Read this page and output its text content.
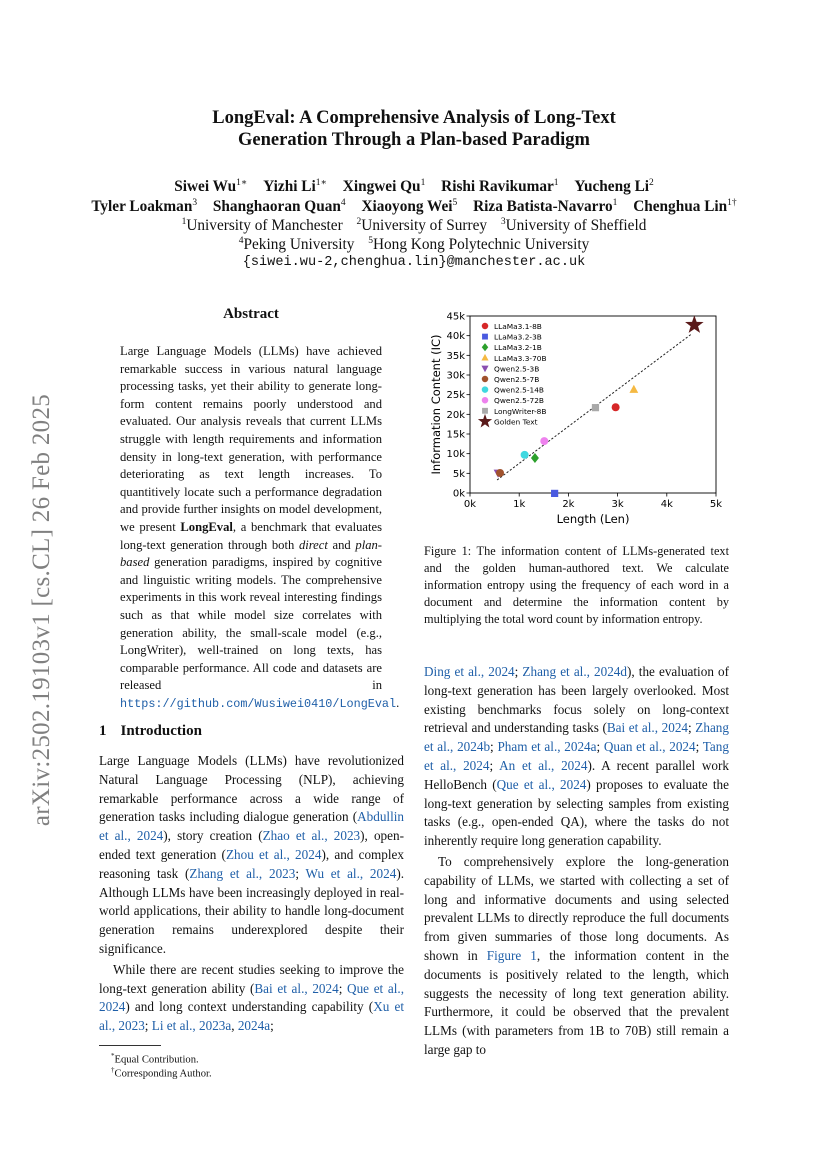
arXiv:2502.19103v1 [cs.CL] 26 Feb 2025
LongEval: A Comprehensive Analysis of Long-Text
Generation Through a Plan-based Paradigm
Siwei $Wu^{1∗}$ Yizhi $Li^{1∗}$ Xingwei Qu$^1$ Rishi Ravikumar$^1$ Yucheng Li$^2$
Tyler Loakman$^3$ Shanghaoran Quan$^4$ Xiaoyong Wei$^5$ Riza Batista-Navarro$^1$ Chenghua Lin$^{1\dagger}$
$^1$University of Manchester $^2$University of Surrey $^3$University of Sheffield
$^4$Peking University $^5$Hong Kong Polytechnic University
{siwei.wu-2,chenghua.lin}@manchester.ac.uk
Abstract
Large Language Models (LLMs) have achieved remarkable success in various natural language processing tasks, yet their ability to generate long-form content remains poorly understood and evaluated. Our analysis reveals that current LLMs struggle with length requirements and information density in long-text generation, with performance deteriorating as text length increases. To quantitively locate such a performance degradation and provide further insights on model development, we present LongEval, a benchmark that evaluates long-text generation through both direct and plan-based generation paradigms, inspired by cognitive and linguistic writing models. The comprehensive experiments in this work reveal interesting findings such as that while model size correlates with generation ability, the small-scale model (e.g., LongWriter), well-trained on long texts, has comparable performance. All code and datasets are released in https://github.com/Wusiwei0410/LongEval.
1 Introduction

Large Language Models (LLMs) have revolutionized Natural Language Processing (NLP), achieving remarkable performance across a wide range of generation tasks including dialogue generation (Abdullin et al., 2024), story creation (Zhao et al., 2023), open-ended text generation (Zhou et al., 2024), and complex reasoning task (Zhang et al., 2023; Wu et al., 2024). Although LLMs have been increasingly deployed in real-world applications, their ability to handle long-document generation remains underexplored despite their significance.

While there are recent studies seeking to improve the long-text generation ability (Bai et al., 2024; Que et al., 2024) and long context understanding capability (Xu et al., 2023; Li et al., 2023a, 2024a;

*Equal Contribution.
†Corresponding Author.
0k	1k	2k	3k	4k	5k
0k
5k
10k
15k
20k
25k
30k
35k
40k
45k
Length (Len)
Information Content (IC)
LLaMa3.1-8B
LLaMa3.2-3B
LLaMa3.2-1B
LLaMa3.3-70B
Qwen2.5-3B
Qwen2.5-7B
Qwen2.5-14B
Qwen2.5-72B
LongWriter-8B
Golden Text
Figure 1: The information content of LLMs-generated text and the golden human-authored text. We calculate information entropy using the frequency of each word in a document and determine the information content by multiplying the total word count by information entropy.

Ding et al., 2024; Zhang et al., 2024d), the evaluation of long-text generation has been largely overlooked. Most existing benchmarks focus solely on long-context retrieval and understanding tasks (Bai et al., 2024; Zhang et al., 2024b; Pham et al., 2024a; Quan et al., 2024; Tang et al., 2024; An et al., 2024). A recent parallel work HelloBench (Que et al., 2024) proposes to evaluate the long-text generation by selecting samples from existing tasks (e.g., open-ended QA), where the tasks do not inherently require long generation capability.

To comprehensively explore the long-generation capability of LLMs, we started with collecting a set of long and informative documents and using selected prevalent LLMs to directly reproduce the full documents from given summaries of those long documents. As shown in Figure 1, the information content in the documents is positively related to the length, which suggests the necessity of long text generation ability. Furthermore, it could be observed that the prevalent LLMs (with parameters from 1B to 70B) still remain a large gap to
